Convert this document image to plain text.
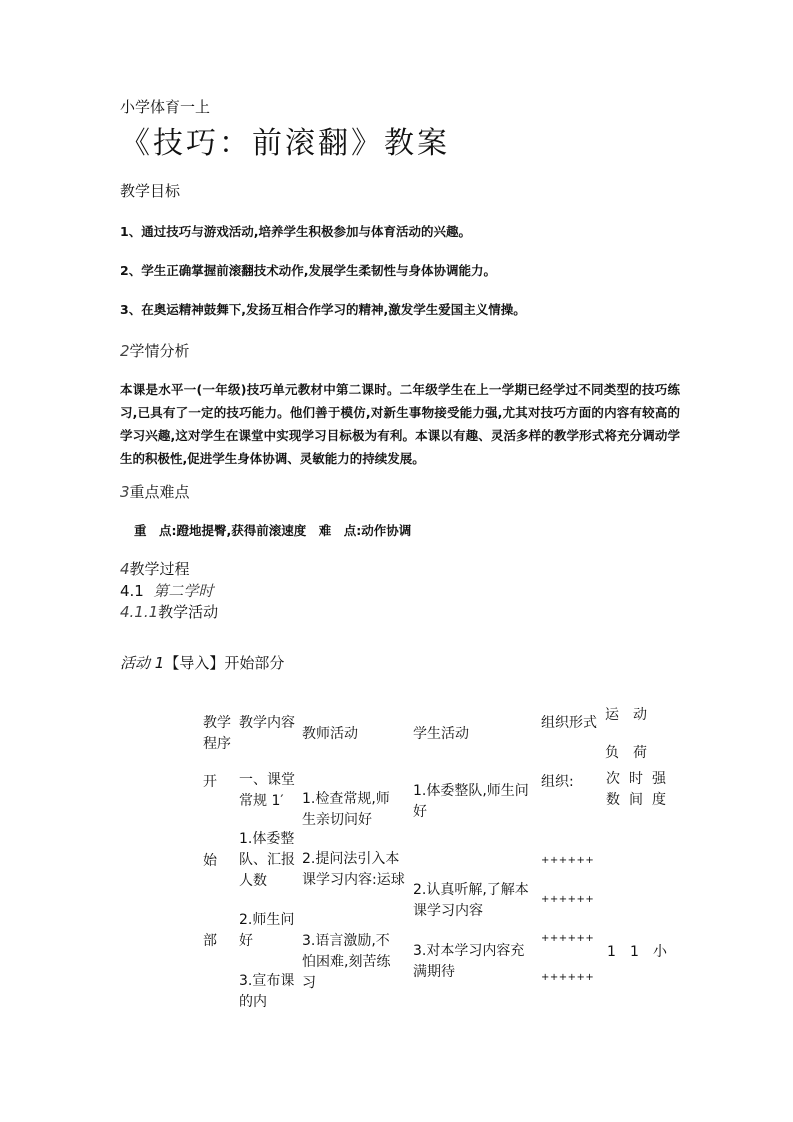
小学体育一上
《技巧：前滚翻》教案
教学目标
1、通过技巧与游戏活动,培养学生积极参加与体育活动的兴趣。
2、学生正确掌握前滚翻技术动作,发展学生柔韧性与身体协调能力。
3、在奥运精神鼓舞下,发扬互相合作学习的精神,激发学生爱国主义情操。
2学情分析
本课是水平一(一年级)技巧单元教材中第二课时。二年级学生在上一学期已经学过不同类型的技巧练习,已具有了一定的技巧能力。他们善于模仿,对新生事物接受能力强,尤其对技巧方面的内容有较高的学习兴趣,这对学生在课堂中实现学习目标极为有利。本课以有趣、灵活多样的教学形式将充分调动学生的积极性,促进学生身体协调、灵敏能力的持续发展。
3重点难点
重　点:蹬地提臀,获得前滚速度　难　点:动作协调
4教学过程
4.1 第二学时
4.1.1教学活动
活动 1【导入】开始部分
教学程序
教学内容
教师活动	学生活动
组织形式 运　动
负　荷
次数
时间
强度
开
始
部
一、课堂常规 1′
1.体委整队、汇报人数
2.师生问好
3.宣布课的内
1.检查常规,师生亲切问好
2.提问法引入本课学习内容:运球
3.语言激励,不怕困难,刻苦练习
1.体委整队,师生问好
2.认真听解,了解本课学习内容
3.对本学习内容充满期待
组织:
++++++
++++++
++++++
++++++
1 1 小
